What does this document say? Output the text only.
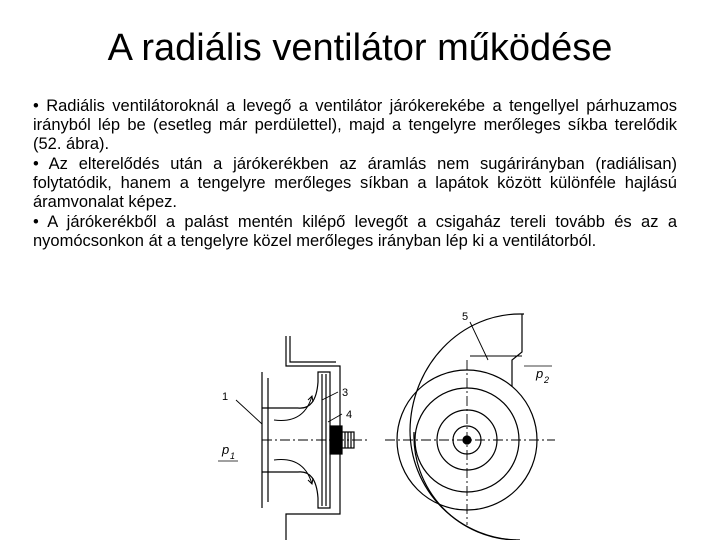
A radiális ventilátor működése

• Radiális ventilátoroknál a levegő a ventilátor járókerekébe a tengellyel párhuzamos irányból lép be (esetleg már perdülettel), majd a tengelyre merőleges síkba terelődik (52. ábra).

• Az elterelődés után a járókerékben az áramlás nem sugárirányban (radiálisan) folytatódik, hanem a tengelyre merőleges síkban a lapátok között különféle hajlású áramvonalat képez.

• A járókerékből a palást mentén kilépő levegőt a csigaház tereli tovább és az a nyomócsonkon át a tengelyre közel merőleges irányban lép ki a ventilátorból.

1	3
4
5
p 1
p 2
